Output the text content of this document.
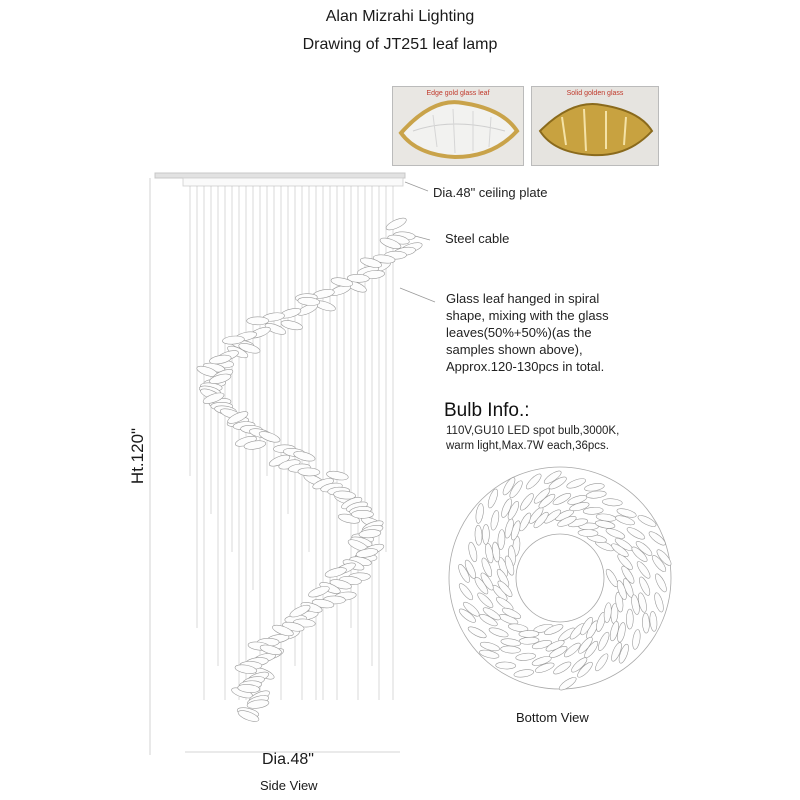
Alan Mizrahi Lighting
Drawing of JT251 leaf lamp
Edge gold glass leaf	Solid golden glass
Dia.48" ceiling plate
Steel cable
Glass leaf hanged in spiral
shape, mixing with the glass
leaves(50%+50%)(as the
samples shown above),
Approx.120-130pcs in total.
Bulb Info.:
110V,GU10 LED spot bulb,3000K,
warm light,Max.7W each,36pcs.
Ht.120"
Dia.48"
Side View
Bottom View
